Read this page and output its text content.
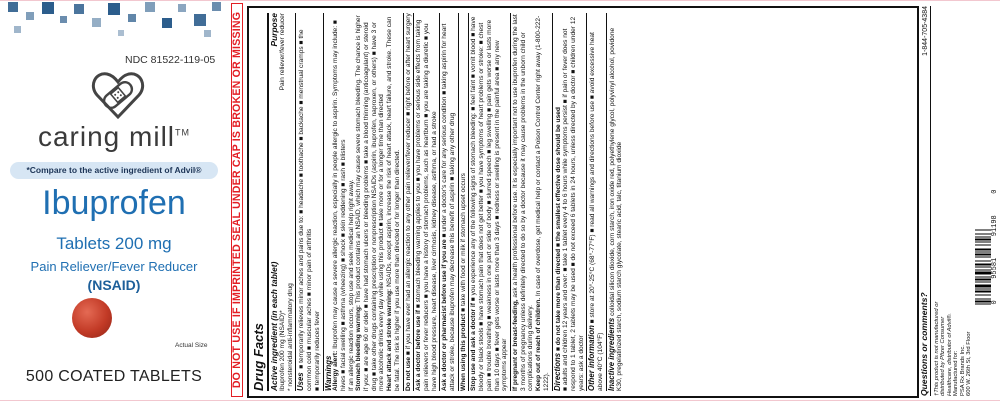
NDC 81522-119-05
caring mill™
*Compare to the active ingredient of Advil®
Ibuprofen
Tablets 200 mg
Pain Reliever/Fever Reducer
(NSAID)
Actual Size
500 COATED TABLETS	DO NOT USE IF IMPRINTED SEAL UNDER CAP IS BROKEN OR MISSING Drug Facts Active ingredient (in each tablet)
Purpose
Ibuprofen 200 mg (NSAID)*
Pain reliever/fever reducer
* nonsteroidal anti-inflammatory drug Uses  ■ temporarily relieves minor aches and pains due to: ■ headache ■ toothache ■ backache ■ menstrual cramps ■ the common cold ■ muscular aches ■ minor pain of arthritis
■ temporarily reduces fever Warnings Allergy alert: Ibuprofen may cause a severe allergic reaction, especially in people allergic to aspirin. Symptoms may include: ■ hives ■ facial swelling ■ asthma (wheezing) ■ shock ■ skin reddening ■ rash ■ blisters
If an allergic reaction occurs, stop use and seek medical help right away. Stomach bleeding warning: This product contains an NSAID, which may cause severe stomach bleeding. The chance is higher if you: ■ are age 60 or older ■ have had stomach ulcers or bleeding problems ■ take a blood thinning (anticoagulant) or steroid drug ■ take other drugs containing prescription or nonprescription NSAIDs (aspirin, ibuprofen, naproxen, or others) ■ have 3 or more alcoholic drinks every day while using this product ■ take more or for a longer time than directed
Heart attack and stroke warning: NSAIDs, except aspirin, increase the risk of heart attack, heart failure, and stroke. These can be fatal. The risk is higher if you use more than directed or for longer than directed. Do not use ■ if you have ever had an allergic reaction to any other pain reliever/fever reducer ■ right before or after heart surgery
Ask a doctor before use if ■ stomach bleeding warning applies to you ■ you have problems or serious side effects from taking pain relievers or fever reducers ■ you have a history of stomach problems, such as heartburn ■ you are taking a diuretic ■ you have high blood pressure, heart disease, liver cirrhosis, kidney disease, asthma, or had a stroke Ask a doctor or pharmacist before use if you are ■ under a doctor's care for any serious condition ■ taking aspirin for heart attack or stroke, because ibuprofen may decrease this benefit of aspirin ■ taking any other drug
When using this product ■ take with food or milk if stomach upset occurs
Stop use and ask a doctor if ■ you experience any of the following signs of stomach bleeding: ■ feel faint ■ vomit blood ■ have bloody or black stools ■ have stomach pain that does not get better ■ you have symptoms of heart problems or stroke: ■ chest pain ■ trouble breathing ■ weakness in one part or side of body ■ slurred speech ■ leg swelling ■ pain gets worse or lasts more than 10 days ■ fever gets worse or lasts more than 3 days ■ redness or swelling is present in the painful area ■ any new symptoms appear If pregnant or breast-feeding, ask a health professional before use. It is especially important not to use ibuprofen during the last 3 months of pregnancy unless definitely directed to do so by a doctor because it may cause problems in the unborn child or complications during delivery.
Keep out of reach of children. In case of overdose, get medical help or contact a Poison Control Center right away (1-800-222-1222). Directions ■ do not take more than directed ■ the smallest effective dose should be used
■ adults and children 12 years and over: ■ take 1 tablet every 4 to 6 hours while symptoms persist ■ if pain or fever does not respond to 1 tablet, 2 tablets may be used ■ do not exceed 6 tablets in 24 hours, unless directed by a doctor ■ children under 12 years: ask a doctor Other information ■ store at 20°-25°C (68°-77°F) ■ read all warnings and directions before use ■ avoid excessive heat above 40°C (104°F) Inactive ingredients colloidal silicon dioxide, corn starch, iron oxide red, polyethylene glycol, polyvinyl alcohol, povidone K30, pregelatinized starch, sodium starch glycolate, stearic acid, talc, titanium dioxide	Questions or comments?
1-844-705-4384
†This product is not manufactured or distributed by Pfizer Consumer Healthcare, distributor of Advil®. Manufactured for: PSA Rx Brands Inc. 600 W. 26th St, 3rd Floor
0
95581
91198
0
